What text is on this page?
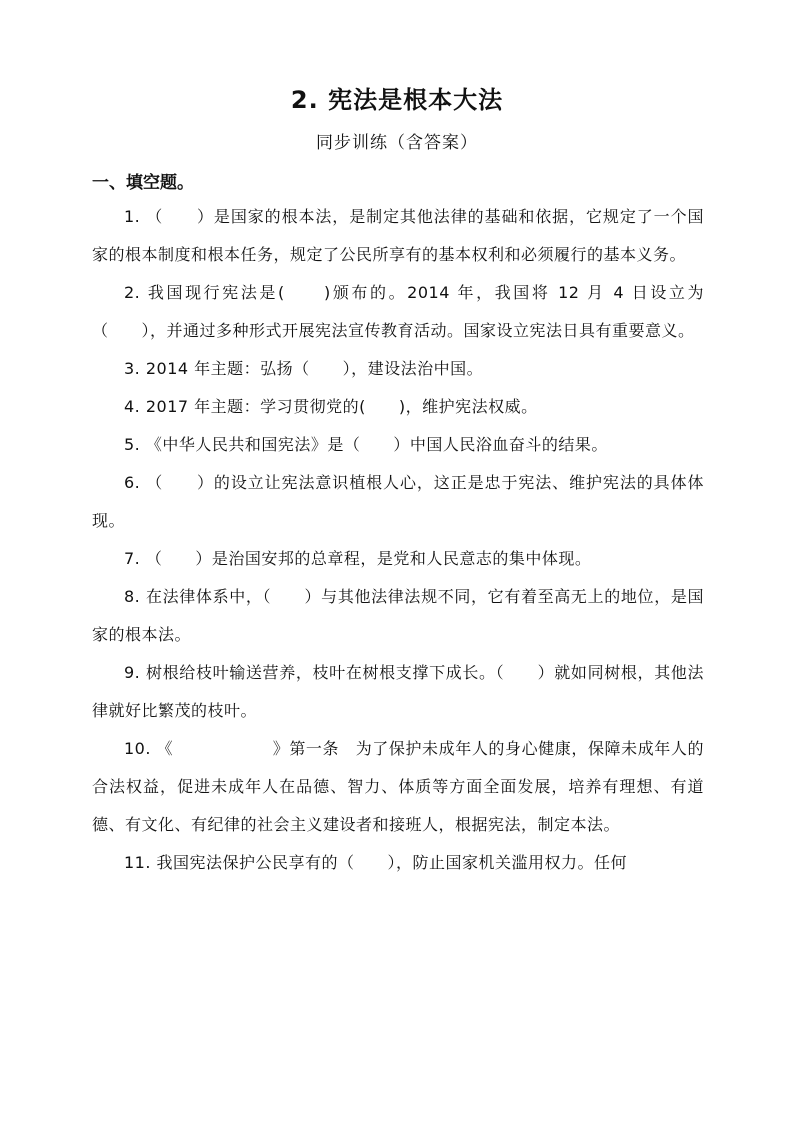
2. 宪法是根本大法
同步训练（含答案）
一、填空题。

1. （　　）是国家的根本法，是制定其他法律的基础和依据，它规定了一个国家的根本制度和根本任务，规定了公民所享有的基本权利和必须履行的基本义务。

2. 我国现行宪法是(　　)颁布的。2014 年，我国将 12 月 4 日设立为（　　），并通过多种形式开展宪法宣传教育活动。国家设立宪法日具有重要意义。

3. 2014 年主题：弘扬（　　），建设法治中国。

4. 2017 年主题：学习贯彻党的(　　)，维护宪法权威。

5. 《中华人民共和国宪法》是（　　）中国人民浴血奋斗的结果。

6. （　　）的设立让宪法意识植根人心，这正是忠于宪法、维护宪法的具体体现。

7. （　　）是治国安邦的总章程，是党和人民意志的集中体现。

8. 在法律体系中，（　　）与其他法律法规不同，它有着至高无上的地位，是国家的根本法。

9. 树根给枝叶输送营养，枝叶在树根支撑下成长。（　　）就如同树根，其他法律就好比繁茂的枝叶。

10. 《　　　　　　》第一条　为了保护未成年人的身心健康，保障未成年人的合法权益，促进未成年人在品德、智力、体质等方面全面发展，培养有理想、有道德、有文化、有纪律的社会主义建设者和接班人，根据宪法，制定本法。

11. 我国宪法保护公民享有的（　　），防止国家机关滥用权力。任何
